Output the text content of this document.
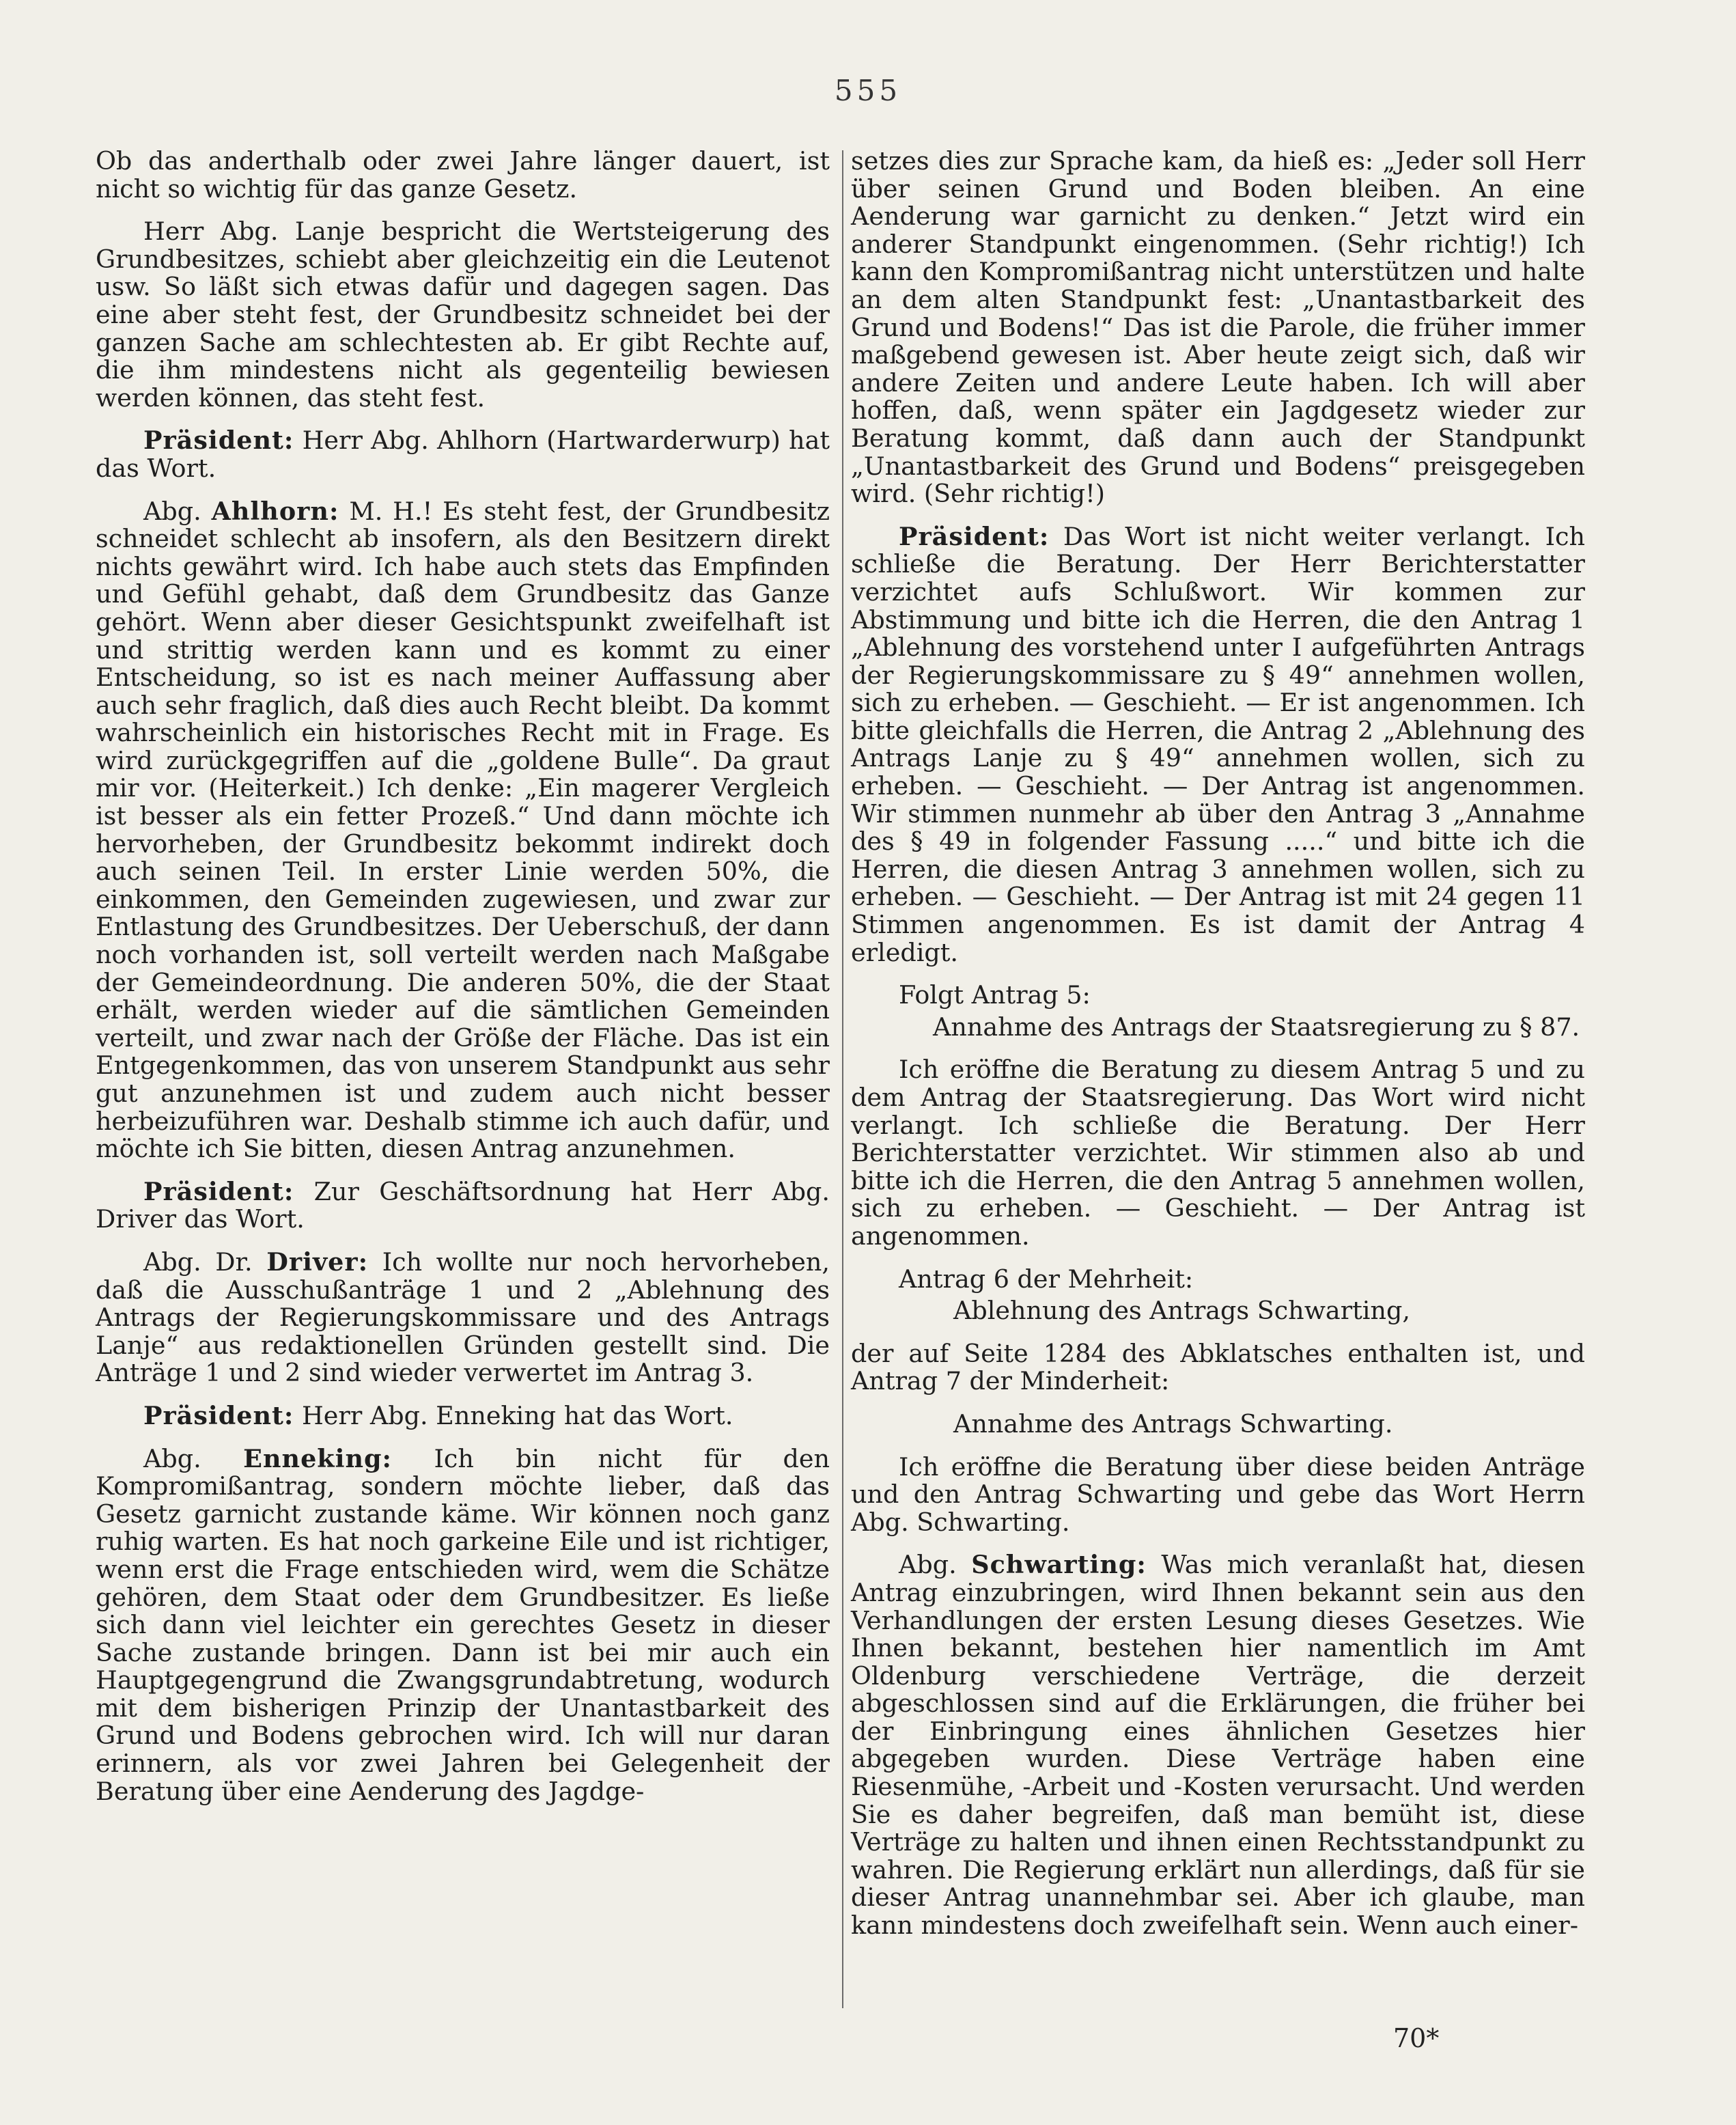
555

Ob das anderthalb oder zwei Jahre länger dauert, ist nicht so wichtig für das ganze Gesetz.

Herr Abg. Lanje bespricht die Wertsteigerung des Grundbesitzes, schiebt aber gleichzeitig ein die Leutenot usw. So läßt sich etwas dafür und dagegen sagen. Das eine aber steht fest, der Grundbesitz schneidet bei der ganzen Sache am schlechtesten ab. Er gibt Rechte auf, die ihm mindestens nicht als gegenteilig bewiesen werden können, das steht fest.

Präsident: Herr Abg. Ahlhorn (Hartwarderwurp) hat das Wort.

Abg. Ahlhorn: M. H.! Es steht fest, der Grundbesitz schneidet schlecht ab insofern, als den Besitzern direkt nichts gewährt wird. Ich habe auch stets das Empfinden und Gefühl gehabt, daß dem Grundbesitz das Ganze gehört. Wenn aber dieser Gesichtspunkt zweifelhaft ist und strittig werden kann und es kommt zu einer Entscheidung, so ist es nach meiner Auffassung aber auch sehr fraglich, daß dies auch Recht bleibt. Da kommt wahrscheinlich ein historisches Recht mit in Frage. Es wird zurückgegriffen auf die „goldene Bulle“. Da graut mir vor. (Heiterkeit.) Ich denke: „Ein magerer Vergleich ist besser als ein fetter Prozeß.“ Und dann möchte ich hervorheben, der Grundbesitz bekommt indirekt doch auch seinen Teil. In erster Linie werden 50%, die einkommen, den Gemeinden zugewiesen, und zwar zur Entlastung des Grundbesitzes. Der Ueberschuß, der dann noch vorhanden ist, soll verteilt werden nach Maßgabe der Gemeindeordnung. Die anderen 50%, die der Staat erhält, werden wieder auf die sämtlichen Gemeinden verteilt, und zwar nach der Größe der Fläche. Das ist ein Entgegenkommen, das von unserem Standpunkt aus sehr gut anzunehmen ist und zudem auch nicht besser herbeizuführen war. Deshalb stimme ich auch dafür, und möchte ich Sie bitten, diesen Antrag anzunehmen.

Präsident: Zur Geschäftsordnung hat Herr Abg. Driver das Wort.

Abg. Dr. Driver: Ich wollte nur noch hervorheben, daß die Ausschußanträge 1 und 2 „Ablehnung des Antrags der Regierungskommissare und des Antrags Lanje“ aus redaktionellen Gründen gestellt sind. Die Anträge 1 und 2 sind wieder verwertet im Antrag 3.

Präsident: Herr Abg. Enneking hat das Wort.

Abg. Enneking: Ich bin nicht für den Kompromißantrag, sondern möchte lieber, daß das Gesetz garnicht zustande käme. Wir können noch ganz ruhig warten. Es hat noch garkeine Eile und ist richtiger, wenn erst die Frage entschieden wird, wem die Schätze gehören, dem Staat oder dem Grundbesitzer. Es ließe sich dann viel leichter ein gerechtes Gesetz in dieser Sache zustande bringen. Dann ist bei mir auch ein Hauptgegengrund die Zwangsgrundabtretung, wodurch mit dem bisherigen Prinzip der Unantastbarkeit des Grund und Bodens gebrochen wird. Ich will nur daran erinnern, als vor zwei Jahren bei Gelegenheit der Beratung über eine Aenderung des Jagdge-

setzes dies zur Sprache kam, da hieß es: „Jeder soll Herr über seinen Grund und Boden bleiben. An eine Aenderung war garnicht zu denken.“ Jetzt wird ein anderer Standpunkt eingenommen. (Sehr richtig!) Ich kann den Kompromißantrag nicht unterstützen und halte an dem alten Standpunkt fest: „Unantastbarkeit des Grund und Bodens!“ Das ist die Parole, die früher immer maßgebend gewesen ist. Aber heute zeigt sich, daß wir andere Zeiten und andere Leute haben. Ich will aber hoffen, daß, wenn später ein Jagdgesetz wieder zur Beratung kommt, daß dann auch der Standpunkt „Unantastbarkeit des Grund und Bodens“ preisgegeben wird. (Sehr richtig!)

Präsident: Das Wort ist nicht weiter verlangt. Ich schließe die Beratung. Der Herr Berichterstatter verzichtet aufs Schlußwort. Wir kommen zur Abstimmung und bitte ich die Herren, die den Antrag 1 „Ablehnung des vorstehend unter I aufgeführten Antrags der Regierungskommissare zu § 49“ annehmen wollen, sich zu erheben. — Geschieht. — Er ist angenommen. Ich bitte gleichfalls die Herren, die Antrag 2 „Ablehnung des Antrags Lanje zu § 49“ annehmen wollen, sich zu erheben. — Geschieht. — Der Antrag ist angenommen. Wir stimmen nunmehr ab über den Antrag 3 „Annahme des § 49 in folgender Fassung .....“ und bitte ich die Herren, die diesen Antrag 3 annehmen wollen, sich zu erheben. — Geschieht. — Der Antrag ist mit 24 gegen 11 Stimmen angenommen. Es ist damit der Antrag 4 erledigt.

Folgt Antrag 5:

Annahme des Antrags der Staatsregierung zu § 87.

Ich eröffne die Beratung zu diesem Antrag 5 und zu dem Antrag der Staatsregierung. Das Wort wird nicht verlangt. Ich schließe die Beratung. Der Herr Berichterstatter verzichtet. Wir stimmen also ab und bitte ich die Herren, die den Antrag 5 annehmen wollen, sich zu erheben. — Geschieht. — Der Antrag ist angenommen.

Antrag 6 der Mehrheit:

Ablehnung des Antrags Schwarting,

der auf Seite 1284 des Abklatsches enthalten ist, und Antrag 7 der Minderheit:

Annahme des Antrags Schwarting.

Ich eröffne die Beratung über diese beiden Anträge und den Antrag Schwarting und gebe das Wort Herrn Abg. Schwarting.

Abg. Schwarting: Was mich veranlaßt hat, diesen Antrag einzubringen, wird Ihnen bekannt sein aus den Verhandlungen der ersten Lesung dieses Gesetzes. Wie Ihnen bekannt, bestehen hier namentlich im Amt Oldenburg verschiedene Verträge, die derzeit abgeschlossen sind auf die Erklärungen, die früher bei der Einbringung eines ähnlichen Gesetzes hier abgegeben wurden. Diese Verträge haben eine Riesenmühe, -Arbeit und -Kosten verursacht. Und werden Sie es daher begreifen, daß man bemüht ist, diese Verträge zu halten und ihnen einen Rechtsstandpunkt zu wahren. Die Regierung erklärt nun allerdings, daß für sie dieser Antrag unannehmbar sei. Aber ich glaube, man kann mindestens doch zweifelhaft sein. Wenn auch einer-

70*
